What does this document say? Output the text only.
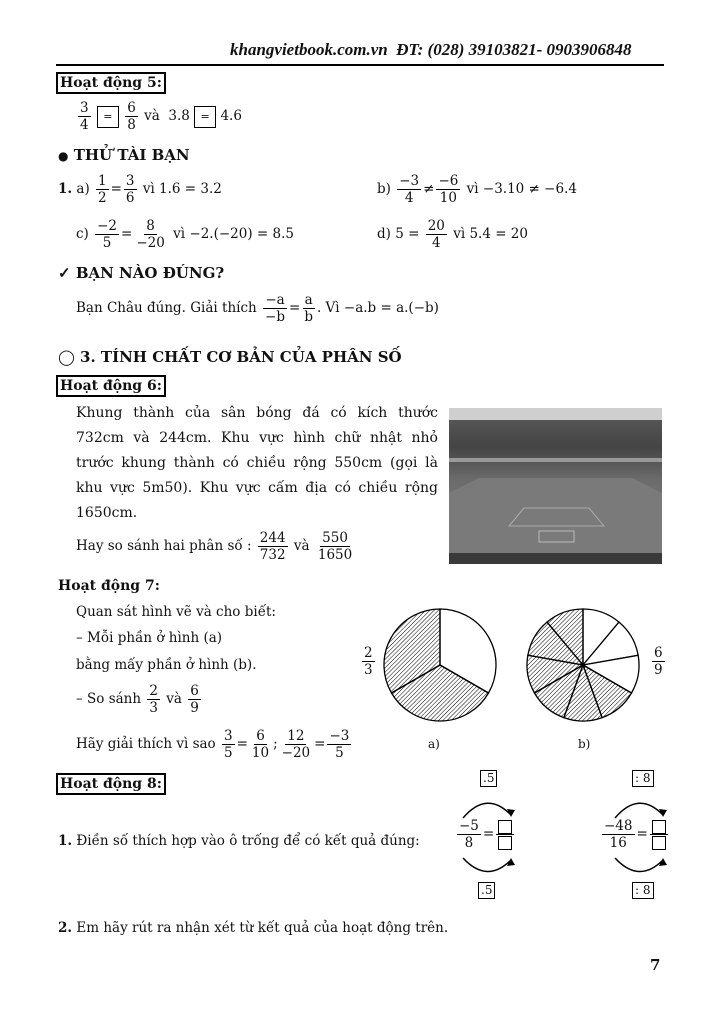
khangvietbook.com.vn ĐT: (028) 39103821- 0903906848
Hoạt động 5:
$\frac{3}{4} = \frac{6}{8}$ và 3.8 = 4.6
● THỬ TÀI BẠN
1. $a) \frac{1}{2} = \frac{3}{6}$ vì 1.6 = 3.2	$b) \frac{-3}{4} \ne \frac{-6}{10}$ vì −3.10 ≠ −6.4
$c) \frac{-2}{5} = \frac{8}{-20}$ vì −2.(−20) = 8.5	d) $5 = \frac{20}{4}$ vì 5.4 = 20
✓ BẠN NÀO ĐÚNG?
Bạn Châu đúng. Giải thích $\frac{-a}{-b} = \frac{a}{b}$ . Vì −a.b = a.(−b)
◯ 3. TÍNH CHẤT CƠ BẢN CỦA PHÂN SỐ
Hoạt động 6:
Khung thành của sân bóng đá có kích thước
732cm và 244cm. Khu vực hình chữ nhật nhỏ
trước khung thành có chiều rộng 550cm (gọi là
khu vực 5m50). Khu vực cấm địa có chiều rộng
1650cm.
Hay so sánh hai phân số : $\frac{244}{732}$ và $\frac{550}{1650}$
Hoạt động 7:
Quan sát hình vẽ và cho biết:
– Mỗi phần ở hình (a)
bằng mấy phần ở hình (b).
– So sánh $\frac{2}{3}$ và $\frac{6}{9}$
Hãy giải thích vì sao $\frac{3}{5} = \frac{6}{10}$ ; $\frac{12}{-20} = \frac{-3}{5}$
$\frac{2}{3}$	$\frac{6}{9}$
a)	b)
Hoạt động 8:
1. Điền số thích hợp vào ô trống để có kết quả đúng:
.5
$\frac{-5}{8}$ =
.5
: 8
$\frac{-48}{16}$ =
: 8
2. Em hãy rút ra nhận xét từ kết quả của hoạt động trên.
7
